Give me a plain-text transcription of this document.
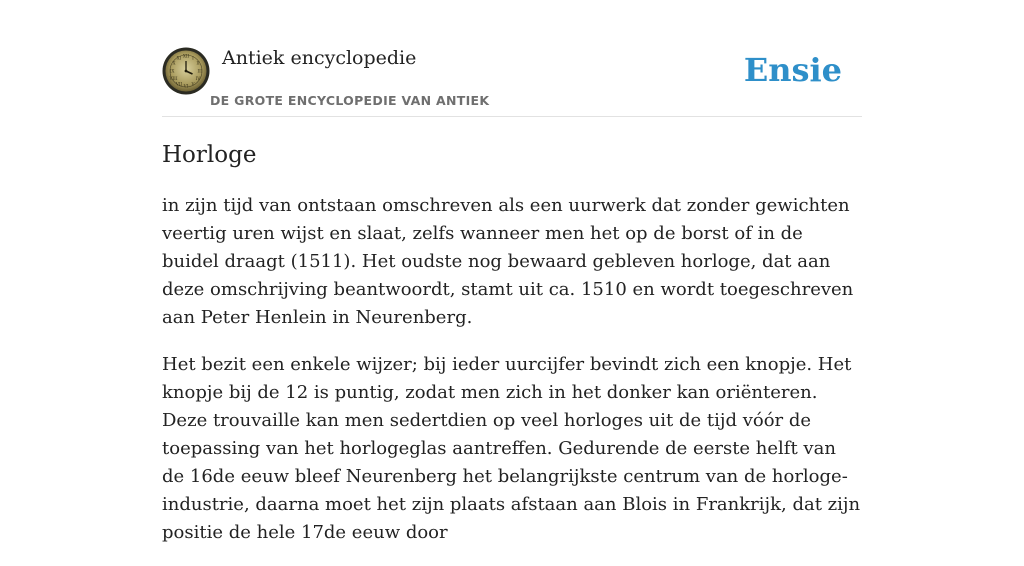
XII I
II
III
IV
V
VI
VII
VIII
IX
X
XI Antiek encyclopedie
DE GROTE ENCYCLOPEDIE VAN ANTIEK
Ensie
Horloge

in zijn tijd van ontstaan omschreven als een uurwerk dat zonder gewichten veertig uren wijst en slaat, zelfs wanneer men het op de borst of in de buidel draagt (1511). Het oudste nog bewaard gebleven horloge, dat aan deze omschrijving beantwoordt, stamt uit ca. 1510 en wordt toegeschreven aan Peter Henlein in Neurenberg.

Het bezit een enkele wijzer; bij ieder uurcijfer bevindt zich een knopje. Het knopje bij de 12 is puntig, zodat men zich in het donker kan oriënteren. Deze trouvaille kan men sedertdien op veel horloges uit de tijd vóór de toepassing van het horlogeglas aantreffen. Gedurende de eerste helft van de 16de eeuw bleef Neurenberg het belangrijkste centrum van de horloge-industrie, daarna moet het zijn plaats afstaan aan Blois in Frankrijk, dat zijn positie de hele 17de eeuw door
